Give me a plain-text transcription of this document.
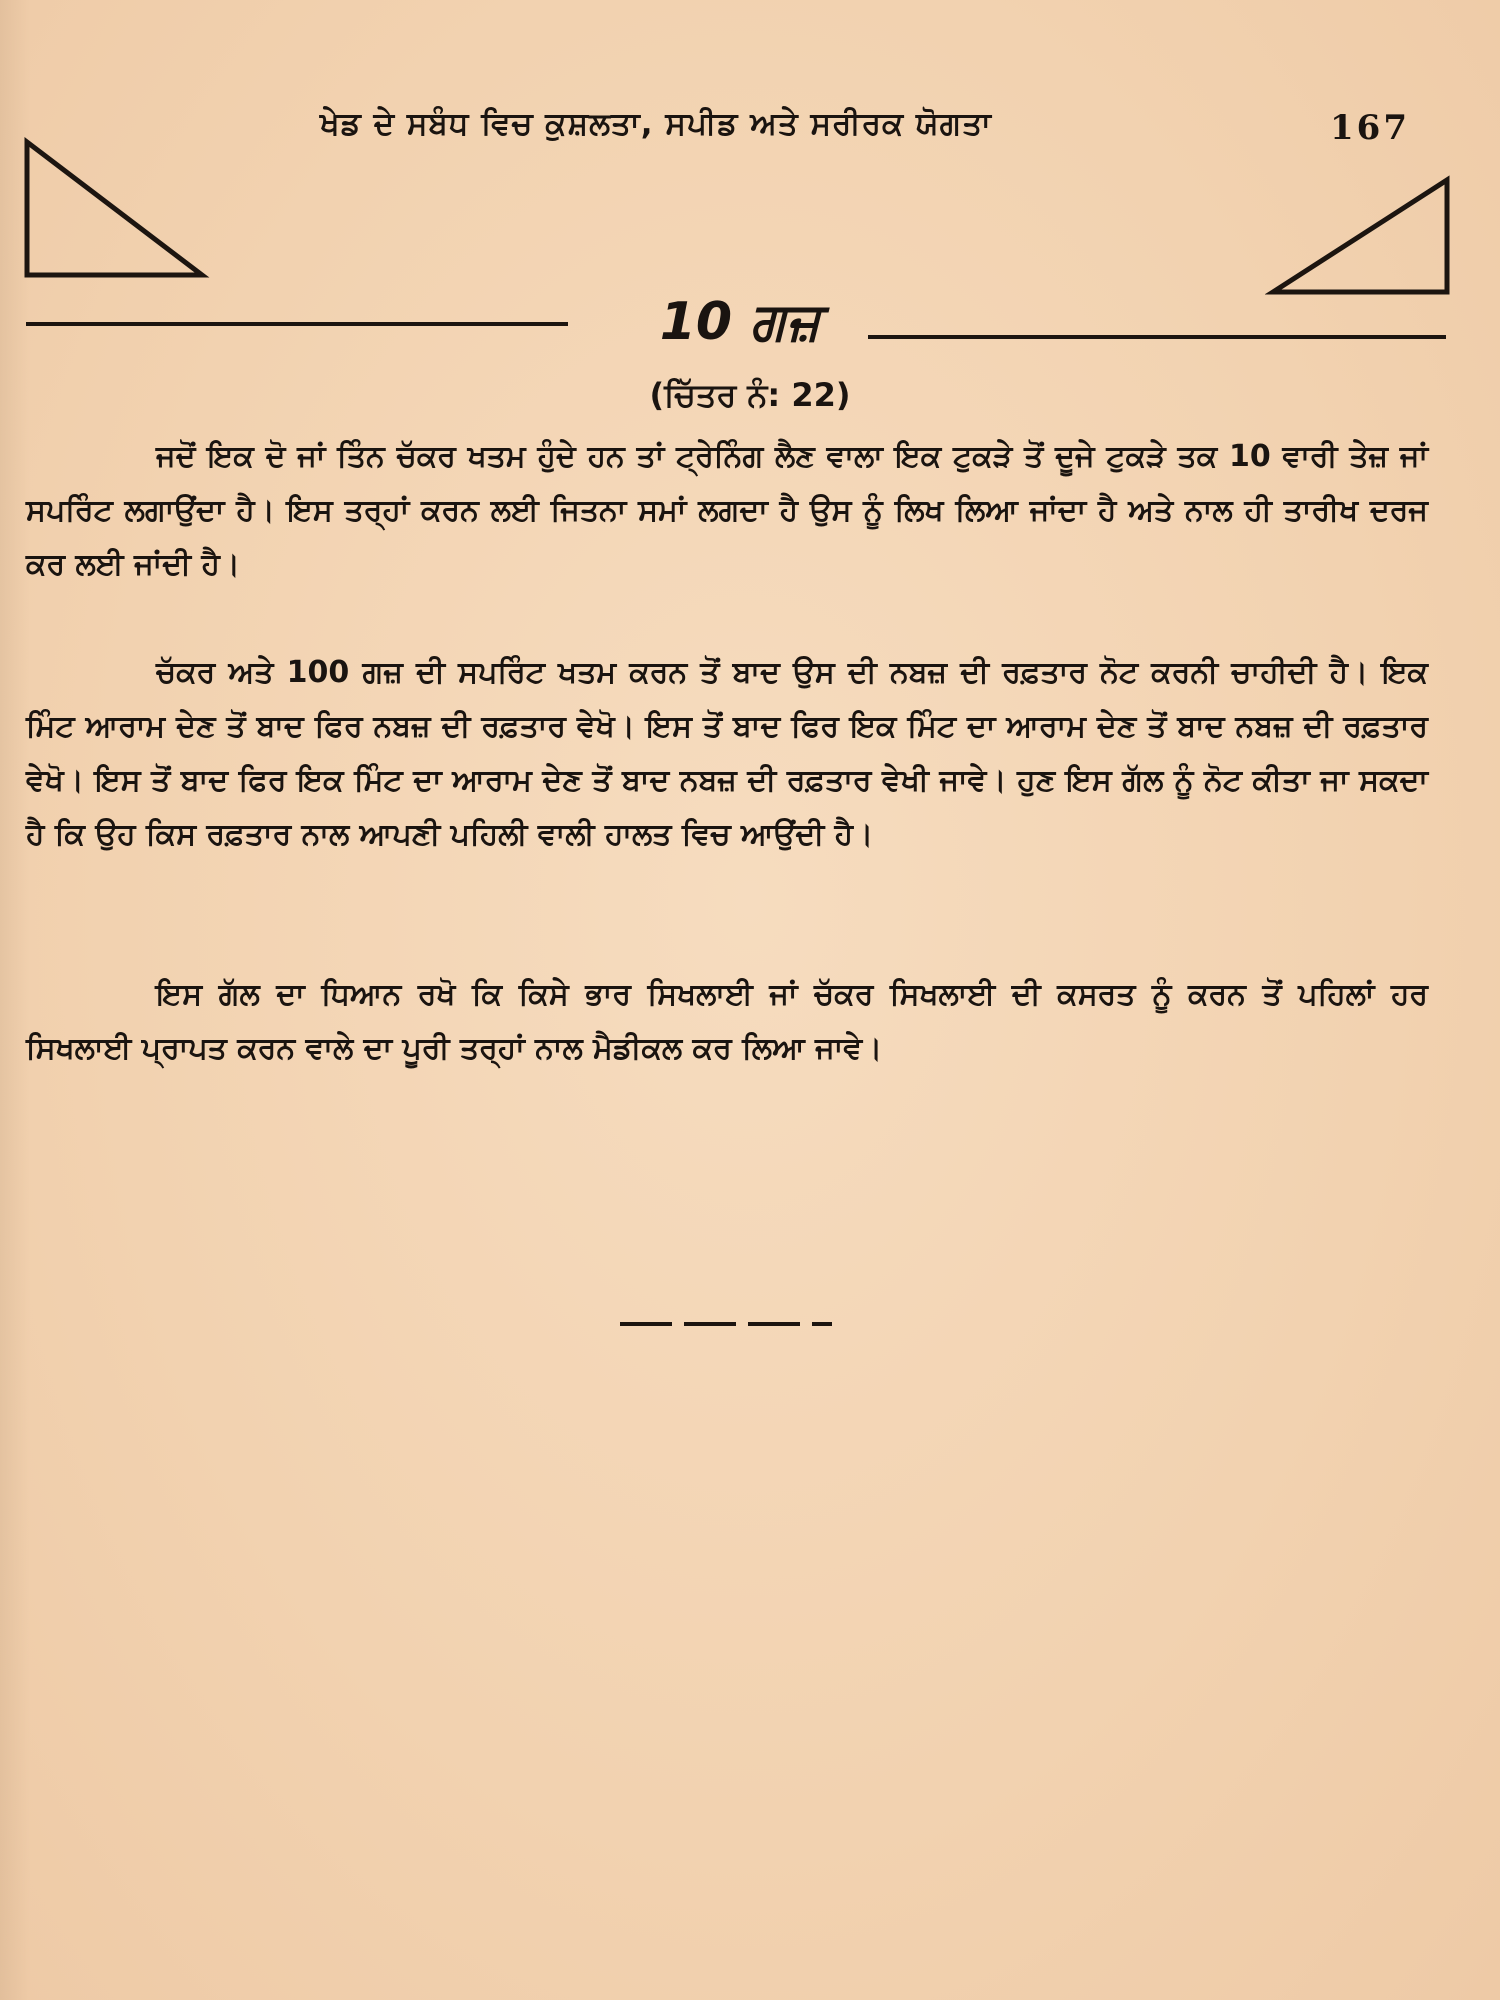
ਖੇਡ ਦੇ ਸਬੰਧ ਵਿਚ ਕੁਸ਼ਲਤਾ, ਸਪੀਡ ਅਤੇ ਸਰੀਰਕ ਯੋਗਤਾ	167
10 ਗਜ਼
(ਚਿੱਤਰ ਨੰ: 22)
ਜਦੋਂ ਇਕ ਦੋ ਜਾਂ ਤਿੰਨ ਚੱਕਰ ਖਤਮ ਹੁੰਦੇ ਹਨ ਤਾਂ ਟ੍ਰੇਨਿੰਗ ਲੈਣ ਵਾਲਾ ਇਕ ਟੁਕੜੇ ਤੋਂ ਦੂਜੇ ਟੁਕੜੇ ਤਕ 10 ਵਾਰੀ ਤੇਜ਼ ਜਾਂ ਸਪਰਿੰਟ ਲਗਾਉਂਦਾ ਹੈ। ਇਸ ਤਰ੍ਹਾਂ ਕਰਨ ਲਈ ਜਿਤਨਾ ਸਮਾਂ ਲਗਦਾ ਹੈ ਉਸ ਨੂੰ ਲਿਖ ਲਿਆ ਜਾਂਦਾ ਹੈ ਅਤੇ ਨਾਲ ਹੀ ਤਾਰੀਖ ਦਰਜ ਕਰ ਲਈ ਜਾਂਦੀ ਹੈ।
ਚੱਕਰ ਅਤੇ 100 ਗਜ਼ ਦੀ ਸਪਰਿੰਟ ਖਤਮ ਕਰਨ ਤੋਂ ਬਾਦ ਉਸ ਦੀ ਨਬਜ਼ ਦੀ ਰਫ਼ਤਾਰ ਨੋਟ ਕਰਨੀ ਚਾਹੀਦੀ ਹੈ। ਇਕ ਮਿੰਟ ਆਰਾਮ ਦੇਣ ਤੋਂ ਬਾਦ ਫਿਰ ਨਬਜ਼ ਦੀ ਰਫ਼ਤਾਰ ਵੇਖੋ। ਇਸ ਤੋਂ ਬਾਦ ਫਿਰ ਇਕ ਮਿੰਟ ਦਾ ਆਰਾਮ ਦੇਣ ਤੋਂ ਬਾਦ ਨਬਜ਼ ਦੀ ਰਫ਼ਤਾਰ ਵੇਖੋ। ਇਸ ਤੋਂ ਬਾਦ ਫਿਰ ਇਕ ਮਿੰਟ ਦਾ ਆਰਾਮ ਦੇਣ ਤੋਂ ਬਾਦ ਨਬਜ਼ ਦੀ ਰਫ਼ਤਾਰ ਵੇਖੀ ਜਾਵੇ। ਹੁਣ ਇਸ ਗੱਲ ਨੂੰ ਨੋਟ ਕੀਤਾ ਜਾ ਸਕਦਾ ਹੈ ਕਿ ਉਹ ਕਿਸ ਰਫ਼ਤਾਰ ਨਾਲ ਆਪਣੀ ਪਹਿਲੀ ਵਾਲੀ ਹਾਲਤ ਵਿਚ ਆਉਂਦੀ ਹੈ।
ਇਸ ਗੱਲ ਦਾ ਧਿਆਨ ਰਖੋ ਕਿ ਕਿਸੇ ਭਾਰ ਸਿਖਲਾਈ ਜਾਂ ਚੱਕਰ ਸਿਖਲਾਈ ਦੀ ਕਸਰਤ ਨੂੰ ਕਰਨ ਤੋਂ ਪਹਿਲਾਂ ਹਰ ਸਿਖਲਾਈ ਪ੍ਰਾਪਤ ਕਰਨ ਵਾਲੇ ਦਾ ਪੂਰੀ ਤਰ੍ਹਾਂ ਨਾਲ ਮੈਡੀਕਲ ਕਰ ਲਿਆ ਜਾਵੇ।
